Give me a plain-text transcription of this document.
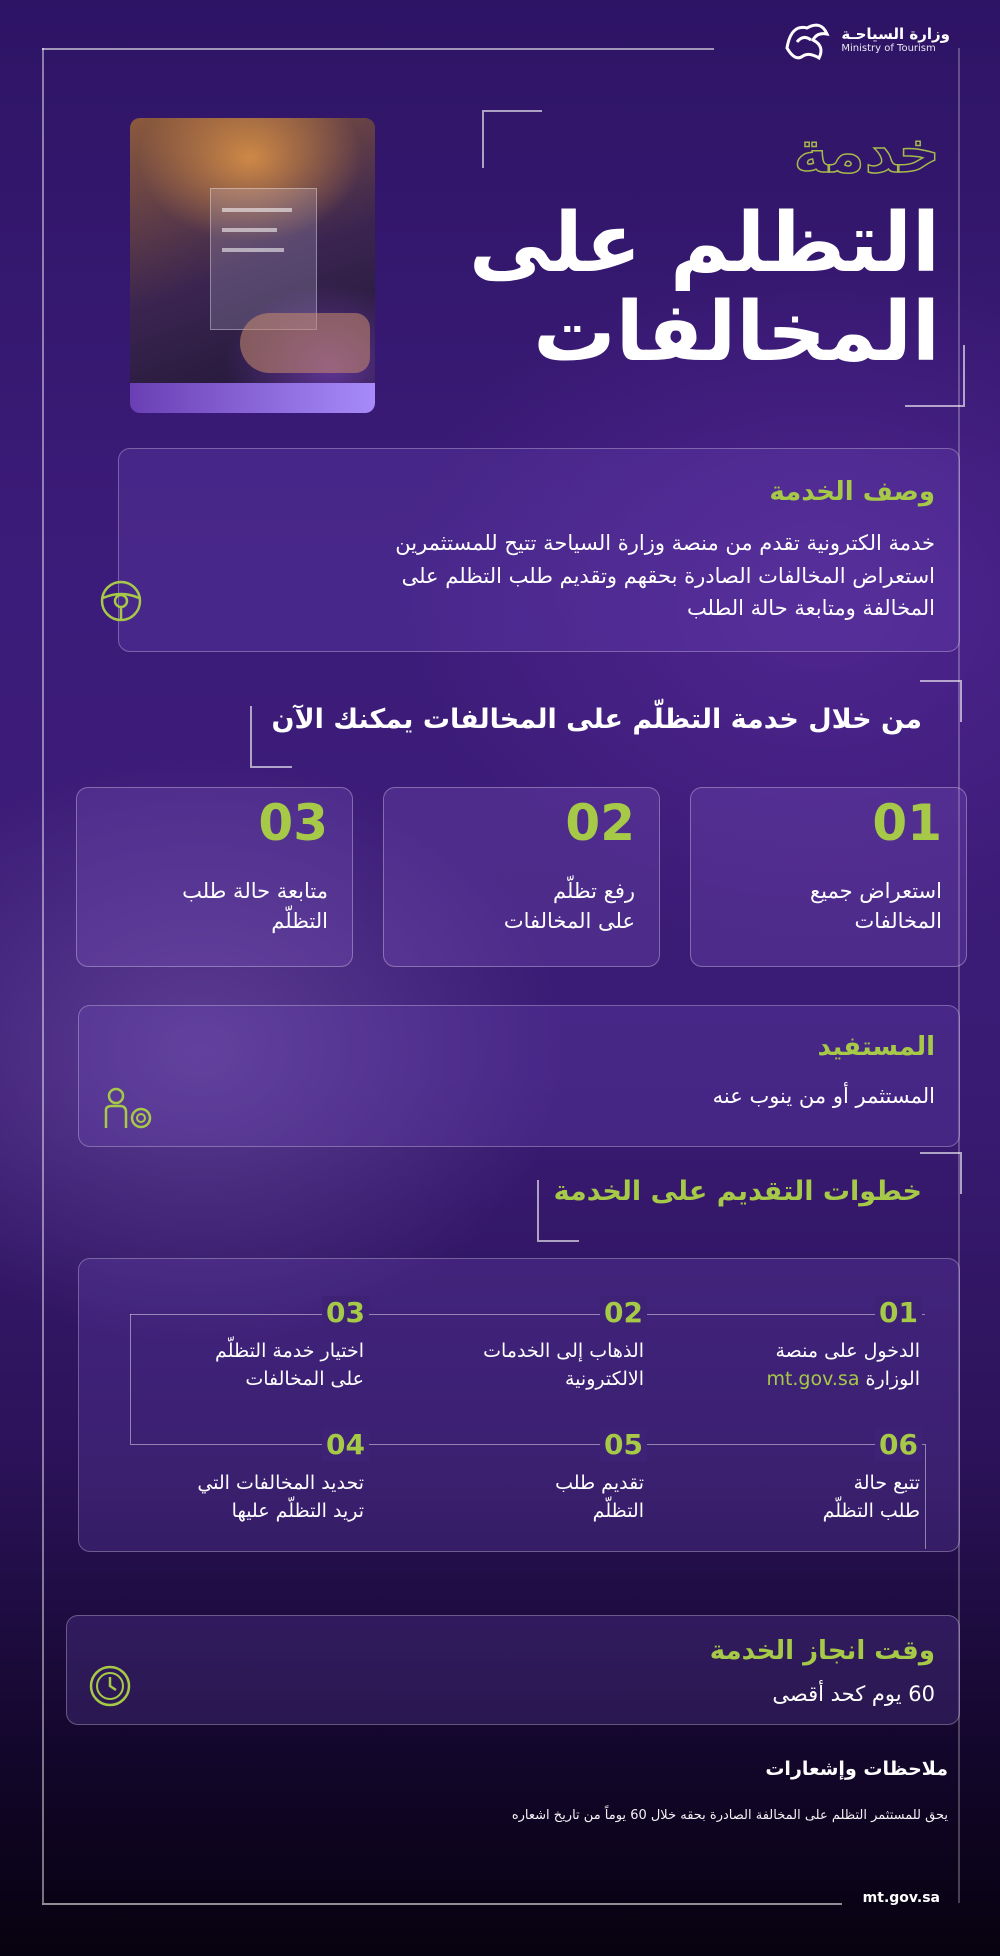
وزارة السياحـة
Ministry of Tourism
خدمة
التظلم على
المخالفات
وصف الخدمة
خدمة الكترونية تقدم من منصة وزارة السياحة تتيح للمستثمرين
استعراض المخالفات الصادرة بحقهم وتقديم طلب التظلم على
المخالفة ومتابعة حالة الطلب
من خلال خدمة التظلّم على المخالفات يمكنك الآن
01
استعراض جميع
المخالفات
02
رفع تظلّم
على المخالفات
03
متابعة حالة طلب
التظلّم
المستفيد
المستثمر أو من ينوب عنه
خطوات التقديم على الخدمة
01
الدخول على منصة
الوزارة mt.gov.sa
02
الذهاب إلى الخدمات
الالكترونية
03
اختيار خدمة التظلّم
على المخالفات
04
تحديد المخالفات التي
تريد التظلّم عليها
05
تقديم طلب
التظلّم
06
تتبع حالة
طلب التظلّم
وقت انجاز الخدمة
60 يوم كحد أقصى
ملاحظات وإشعارات
يحق للمستثمر التظلم على المخالفة الصادرة بحقه خلال 60 يوماً من تاريخ اشعاره
mt.gov.sa
